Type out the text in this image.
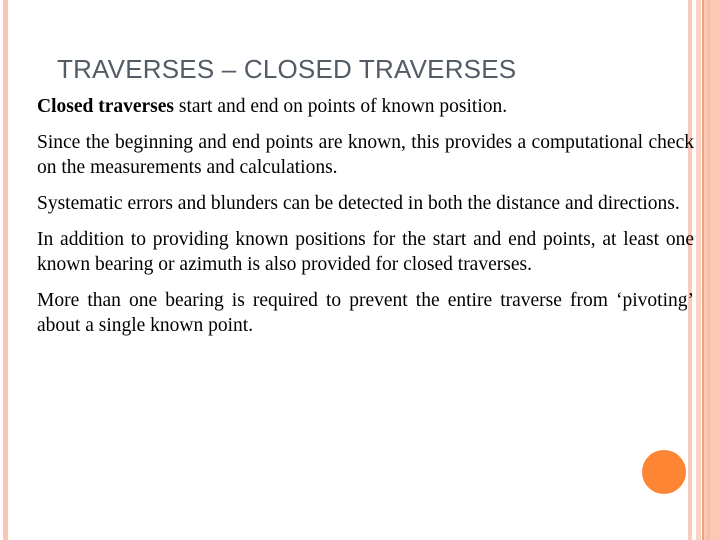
TRAVERSES – CLOSED TRAVERSES

Closed traverses start and end on points of known position.

Since the beginning and end points are known, this provides a computational check on the measurements and calculations.

Systematic errors and blunders can be detected in both the distance and directions.

In addition to providing known positions for the start and end points, at least one known bearing or azimuth is also provided for closed traverses.

More than one bearing is required to prevent the entire traverse from ‘pivoting’ about a single known point.
